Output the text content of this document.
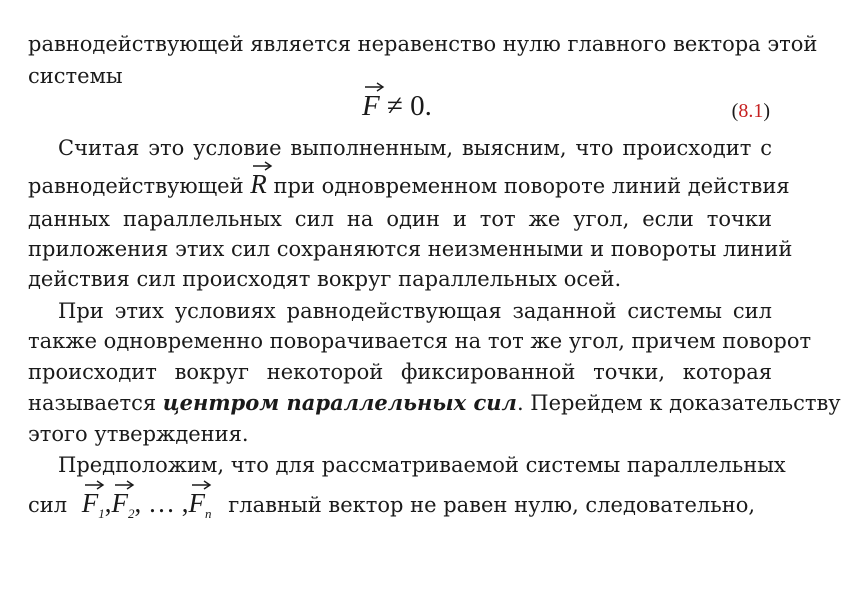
равнодействующей является неравенство нулю главного вектора этой
системы
F ≠ 0.	(8.1)
Считая это условие выполненным, выясним, что происходит с
равнодействующей R при одновременном повороте линий действия
данных параллельных сил на один и тот же угол, если точки
приложения этих сил сохраняются неизменными и повороты линий
действия сил происходят вокруг параллельных осей.
При этих условиях равнодействующая заданной системы сил
также одновременно поворачивается на тот же угол, причем поворот
происходит вокруг некоторой фиксированной точки, которая
называется центром параллельных сил. Перейдем к доказательству
этого утверждения.
Предположим, что для рассматриваемой системы параллельных
сил $F_1$,
$F_2$, … ,
$F_n$ главный вектор не равен нулю, следовательно,
